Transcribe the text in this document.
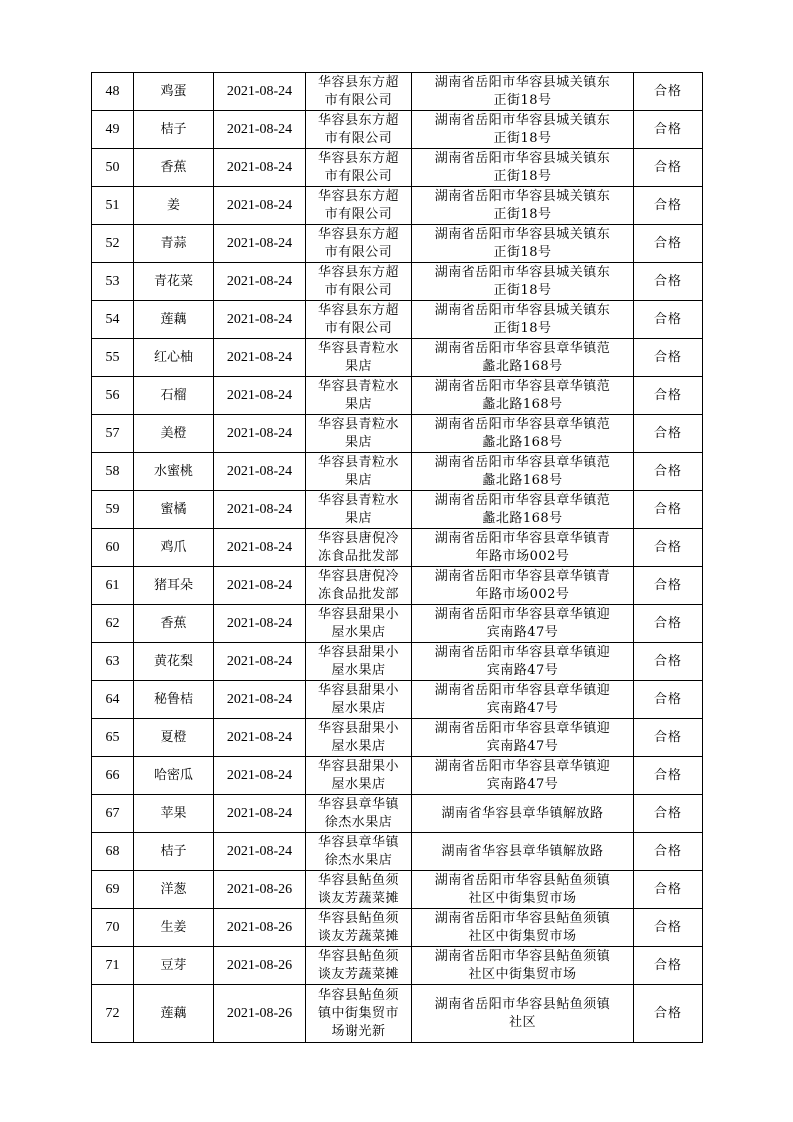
48	鸡蛋	2021-08-24	华容县东方超
市有限公司	湖南省岳阳市华容县城关镇东
正街18号	合格
49	桔子	2021-08-24	华容县东方超
市有限公司	湖南省岳阳市华容县城关镇东
正街18号	合格
50	香蕉	2021-08-24	华容县东方超
市有限公司	湖南省岳阳市华容县城关镇东
正街18号	合格
51	姜	2021-08-24	华容县东方超
市有限公司	湖南省岳阳市华容县城关镇东
正街18号	合格
52	青蒜	2021-08-24	华容县东方超
市有限公司	湖南省岳阳市华容县城关镇东
正街18号	合格
53	青花菜	2021-08-24	华容县东方超
市有限公司	湖南省岳阳市华容县城关镇东
正街18号	合格
54	莲藕	2021-08-24	华容县东方超
市有限公司	湖南省岳阳市华容县城关镇东
正街18号	合格
55	红心柚	2021-08-24	华容县青粒水
果店	湖南省岳阳市华容县章华镇范
蠡北路168号	合格
56	石榴	2021-08-24	华容县青粒水
果店	湖南省岳阳市华容县章华镇范
蠡北路168号	合格
57	美橙	2021-08-24	华容县青粒水
果店	湖南省岳阳市华容县章华镇范
蠡北路168号	合格
58	水蜜桃	2021-08-24	华容县青粒水
果店	湖南省岳阳市华容县章华镇范
蠡北路168号	合格
59	蜜橘	2021-08-24	华容县青粒水
果店	湖南省岳阳市华容县章华镇范
蠡北路168号	合格
60	鸡爪	2021-08-24	华容县唐倪冷
冻食品批发部	湖南省岳阳市华容县章华镇青
年路市场002号	合格
61	猪耳朵	2021-08-24	华容县唐倪冷
冻食品批发部	湖南省岳阳市华容县章华镇青
年路市场002号	合格
62	香蕉	2021-08-24	华容县甜果小
屋水果店	湖南省岳阳市华容县章华镇迎
宾南路47号	合格
63	黄花梨	2021-08-24	华容县甜果小
屋水果店	湖南省岳阳市华容县章华镇迎
宾南路47号	合格
64	秘鲁桔	2021-08-24	华容县甜果小
屋水果店	湖南省岳阳市华容县章华镇迎
宾南路47号	合格
65	夏橙	2021-08-24	华容县甜果小
屋水果店	湖南省岳阳市华容县章华镇迎
宾南路47号	合格
66	哈密瓜	2021-08-24	华容县甜果小
屋水果店	湖南省岳阳市华容县章华镇迎
宾南路47号	合格
67	苹果	2021-08-24	华容县章华镇
徐杰水果店	湖南省华容县章华镇解放路	合格
68	桔子	2021-08-24	华容县章华镇
徐杰水果店	湖南省华容县章华镇解放路	合格
69	洋葱	2021-08-26	华容县鲇鱼须
谈友芳蔬菜摊	湖南省岳阳市华容县鲇鱼须镇
社区中街集贸市场	合格
70	生姜	2021-08-26	华容县鲇鱼须
谈友芳蔬菜摊	湖南省岳阳市华容县鲇鱼须镇
社区中街集贸市场	合格
71	豆芽	2021-08-26	华容县鲇鱼须
谈友芳蔬菜摊	湖南省岳阳市华容县鲇鱼须镇
社区中街集贸市场	合格
72	莲藕	2021-08-26	华容县鲇鱼须
镇中街集贸市
场谢光新	湖南省岳阳市华容县鲇鱼须镇
社区	合格
